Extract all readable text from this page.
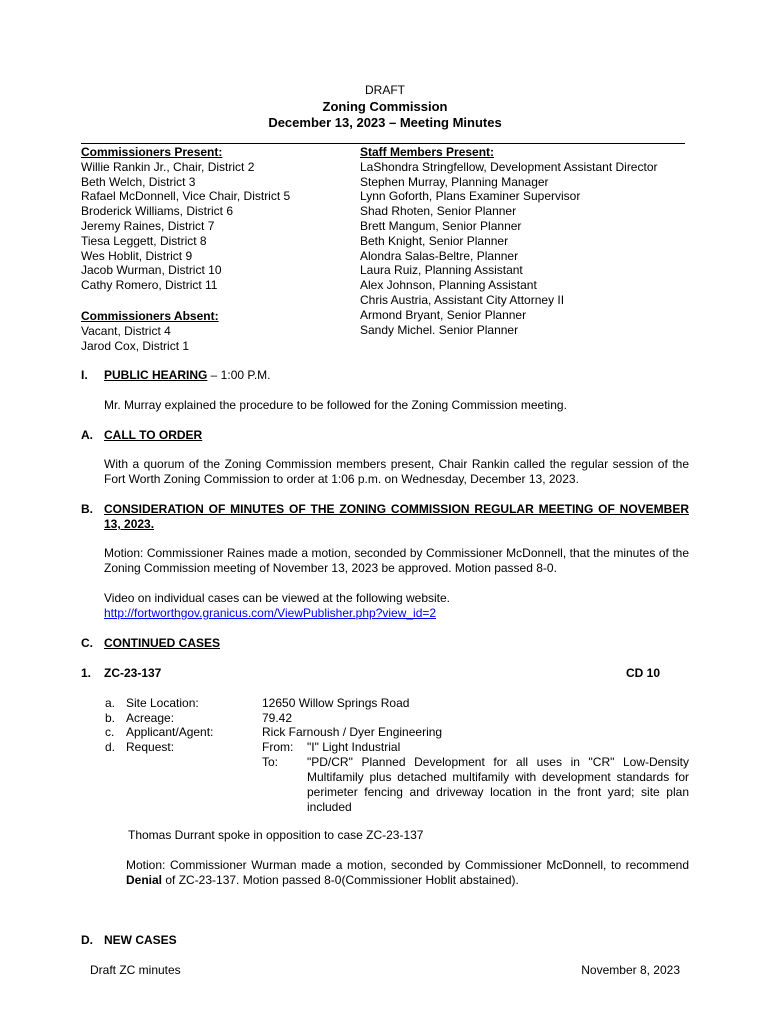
DRAFT
Zoning Commission
December 13, 2023 – Meeting Minutes
Commissioners Present:
Willie Rankin Jr., Chair, District 2
Beth Welch, District 3
Rafael McDonnell, Vice Chair, District 5
Broderick Williams, District 6
Jeremy Raines, District 7
Tiesa Leggett, District 8
Wes Hoblit, District 9
Jacob Wurman, District 10
Cathy Romero, District 11
Commissioners Absent:
Vacant, District 4
Jarod Cox, District 1
Staff Members Present:
LaShondra Stringfellow, Development Assistant Director
Stephen Murray, Planning Manager
Lynn Goforth, Plans Examiner Supervisor
Shad Rhoten, Senior Planner
Brett Mangum, Senior Planner
Beth Knight, Senior Planner
Alondra Salas-Beltre, Planner
Laura Ruiz, Planning Assistant
Alex Johnson, Planning Assistant
Chris Austria, Assistant City Attorney II
Armond Bryant, Senior Planner
Sandy Michel. Senior Planner
I. PUBLIC HEARING – 1:00 P.M.
Mr. Murray explained the procedure to be followed for the Zoning Commission meeting.
A. CALL TO ORDER
With a quorum of the Zoning Commission members present, Chair Rankin called the regular session of the Fort Worth Zoning Commission to order at 1:06 p.m. on Wednesday, December 13, 2023.
B. CONSIDERATION OF MINUTES OF THE ZONING COMMISSION REGULAR MEETING OF NOVEMBER 13, 2023.
Motion: Commissioner Raines made a motion, seconded by Commissioner McDonnell, that the minutes of the Zoning Commission meeting of November 13, 2023 be approved. Motion passed 8-0.
Video on individual cases can be viewed at the following website.
http://fortworthgov.granicus.com/ViewPublisher.php?view_id=2
C. CONTINUED CASES
1. ZC-23-137	CD 10
a. Site Location:	12650 Willow Springs Road
b. Acreage:	79.42
c. Applicant/Agent:	Rick Farnoush / Dyer Engineering
d. Request:	From: "I" Light Industrial
To: "PD/CR" Planned Development for all uses in "CR" Low-Density Multifamily plus detached multifamily with development standards for perimeter fencing and driveway location in the front yard; site plan included
Thomas Durrant spoke in opposition to case ZC-23-137
Motion: Commissioner Wurman made a motion, seconded by Commissioner McDonnell, to recommend Denial of ZC-23-137. Motion passed 8-0(Commissioner Hoblit abstained).
D. NEW CASES
Draft ZC minutes	November 8, 2023
